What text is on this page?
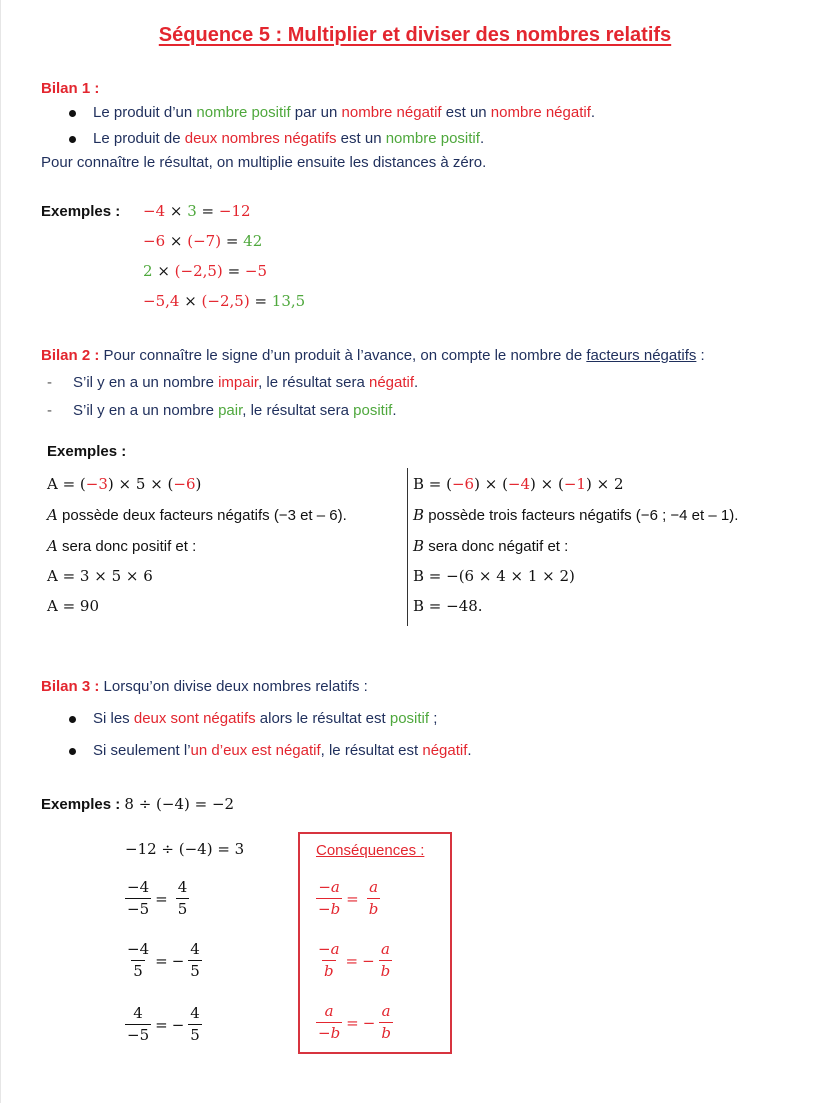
Séquence 5 : Multiplier et diviser des nombres relatifs
Bilan 1 :
Le produit d’un nombre positif par un nombre négatif est un nombre négatif.
Le produit de deux nombres négatifs est un nombre positif.
Pour connaître le résultat, on multiplie ensuite les distances à zéro.
Exemples : −4 × 3 = −12
−6 × (−7) = 42
2 × (−2,5) = −5
−5,4 × (−2,5) = 13,5
Bilan 2 : Pour connaître le signe d’un produit à l’avance, on compte le nombre de facteurs négatifs :
- S’il y en a un nombre impair, le résultat sera négatif.
- S’il y en a un nombre pair, le résultat sera positif.
Exemples :
A = (−3) × 5 × (−6)
A possède deux facteurs négatifs (−3 et – 6).
A sera donc positif et :
A = 3 × 5 × 6
A = 90
B = (−6) × (−4) × (−1) × 2
B possède trois facteurs négatifs (−6 ; −4 et – 1).
B sera donc négatif et :
B = −(6 × 4 × 1 × 2)
B = −48.
Bilan 3 : Lorsqu’on divise deux nombres relatifs :
Si les deux sont négatifs alors le résultat est positif ;
Si seulement l’un d’eux est négatif, le résultat est négatif.
Exemples : 8 ÷ (−4) = −2
−12 ÷ (−4) = 3
$\frac{-4}{-5} = \frac{4}{5}$
$\frac{-4}{5}$ = − $\frac{4}{5}$
$\frac{4}{-5}$ = − $\frac{4}{5}$
Conséquences :
$\frac{-a}{-b} = \frac{a}{b}$
$\frac{-a}{b}$ = − $\frac{a}{b}$
$\frac{a}{-b}$ = − $\frac{a}{b}$
